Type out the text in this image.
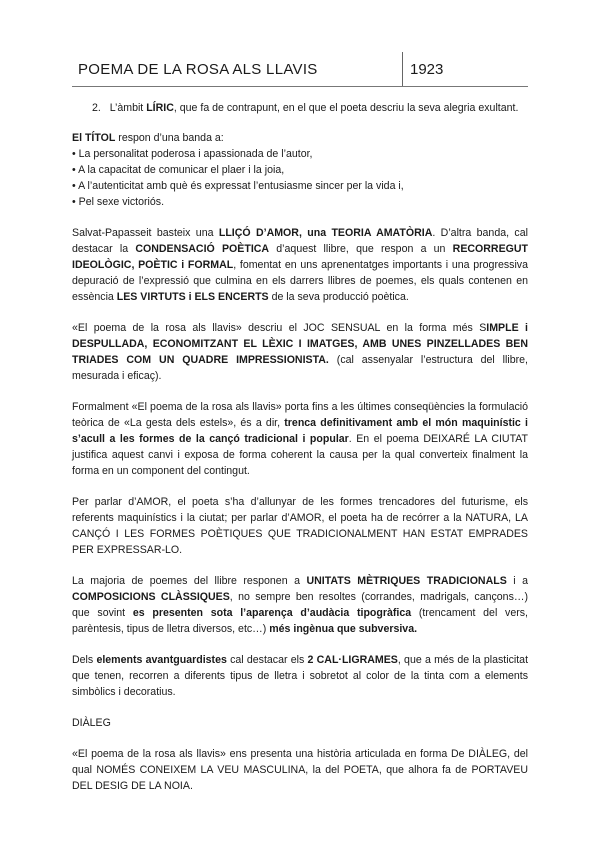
POEMA DE LA ROSA ALS LLAVIS	1923

2. L’àmbit LÍRIC, que fa de contrapunt, en el que el poeta descriu la seva alegria exultant.

El TÍTOL respon d’una banda a:
• La personalitat poderosa i apassionada de l’autor,
• A la capacitat de comunicar el plaer i la joia,
• A l’autenticitat amb què és expressat l’entusiasme sincer per la vida i,
• Pel sexe victoriós.

Salvat-Papasseit basteix una LLIÇÓ D’AMOR, una TEORIA AMATÒRIA. D’altra banda, cal destacar la CONDENSACIÓ POÈTICA d’aquest llibre, que respon a un RECORREGUT IDEOLÒGIC, POÈTIC i FORMAL, fomentat en uns aprenentatges importants i una progressiva depuració de l’expressió que culmina en els darrers llibres de poemes, els quals contenen en essència LES VIRTUTS i ELS ENCERTS de la seva producció poètica.

«El poema de la rosa als llavis» descriu el JOC SENSUAL en la forma més SIMPLE i DESPULLADA, ECONOMITZANT EL LÈXIC I IMATGES, AMB UNES PINZELLADES BEN TRIADES COM UN QUADRE IMPRESSIONISTA. (cal assenyalar l’estructura del llibre, mesurada i eficaç).

Formalment «El poema de la rosa als llavis» porta fins a les últimes conseqüències la formulació teòrica de «La gesta dels estels», és a dir, trenca definitivament amb el món maquinístic i s’acull a les formes de la cançó tradicional i popular. En el poema DEIXARÉ LA CIUTAT justifica aquest canvi i exposa de forma coherent la causa per la qual converteix finalment la forma en un component del contingut.

Per parlar d’AMOR, el poeta s’ha d’allunyar de les formes trencadores del futurisme, els referents maquinístics i la ciutat; per parlar d’AMOR, el poeta ha de recórrer a la NATURA, LA CANÇÓ I LES FORMES POÈTIQUES QUE TRADICIONALMENT HAN ESTAT EMPRADES PER EXPRESSAR-LO.

La majoria de poemes del llibre responen a UNITATS MÈTRIQUES TRADICIONALS i a COMPOSICIONS CLÀSSIQUES, no sempre ben resoltes (corrandes, madrigals, cançons…) que sovint es presenten sota l’aparença d’audàcia tipogràfica (trencament del vers, parèntesis, tipus de lletra diversos, etc…) més ingènua que subversiva.

Dels elements avantguardistes cal destacar els 2 CAL·LIGRAMES, que a més de la plasticitat que tenen, recorren a diferents tipus de lletra i sobretot al color de la tinta com a elements simbòlics i decoratius.

DIÀLEG

«El poema de la rosa als llavis» ens presenta una història articulada en forma De DIÀLEG, del qual NOMÉS CONEIXEM LA VEU MASCULINA, la del POETA, que alhora fa de PORTAVEU DEL DESIG DE LA NOIA.
